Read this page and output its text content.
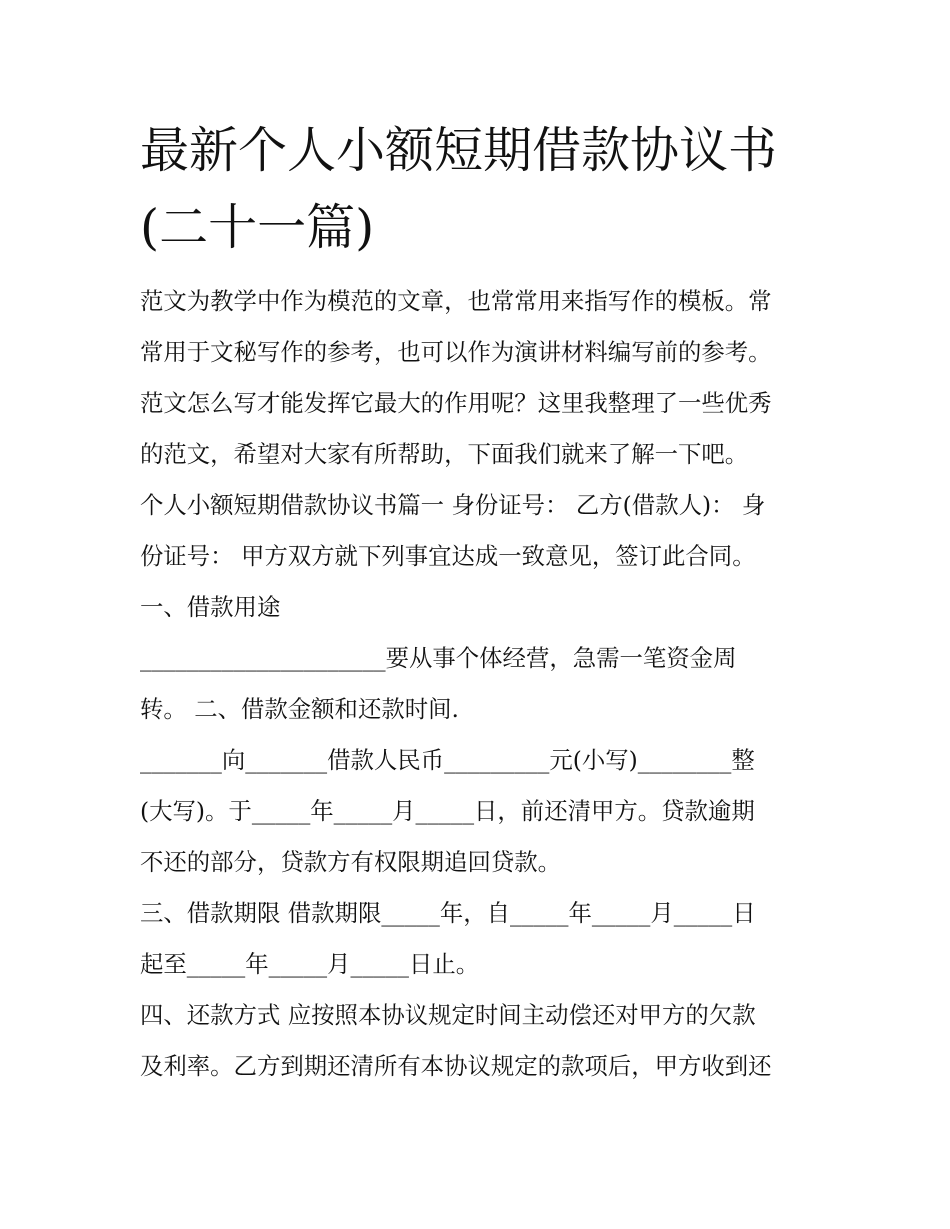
最新个人小额短期借款协议书
(二十一篇)
范文为教学中作为模范的文章，也常常用来指写作的模板。常
常用于文秘写作的参考，也可以作为演讲材料编写前的参考。
范文怎么写才能发挥它最大的作用呢？这里我整理了一些优秀
的范文，希望对大家有所帮助，下面我们就来了解一下吧。
个人小额短期借款协议书篇一 身份证号： 乙方(借款人)： 身
份证号： 甲方双方就下列事宜达成一致意见，签订此合同。
一、借款用途
_____________________要从事个体经营，急需一笔资金周
转。 二、借款金额和还款时间.
_______向_______借款人民币_________元(小写)________整
(大写)。于_____年_____月_____日，前还清甲方。贷款逾期
不还的部分，贷款方有权限期追回贷款。
三、借款期限 借款期限_____年，自_____年_____月_____日
起至_____年_____月_____日止。
四、还款方式 应按照本协议规定时间主动偿还对甲方的欠款
及利率。乙方到期还清所有本协议规定的款项后，甲方收到还
